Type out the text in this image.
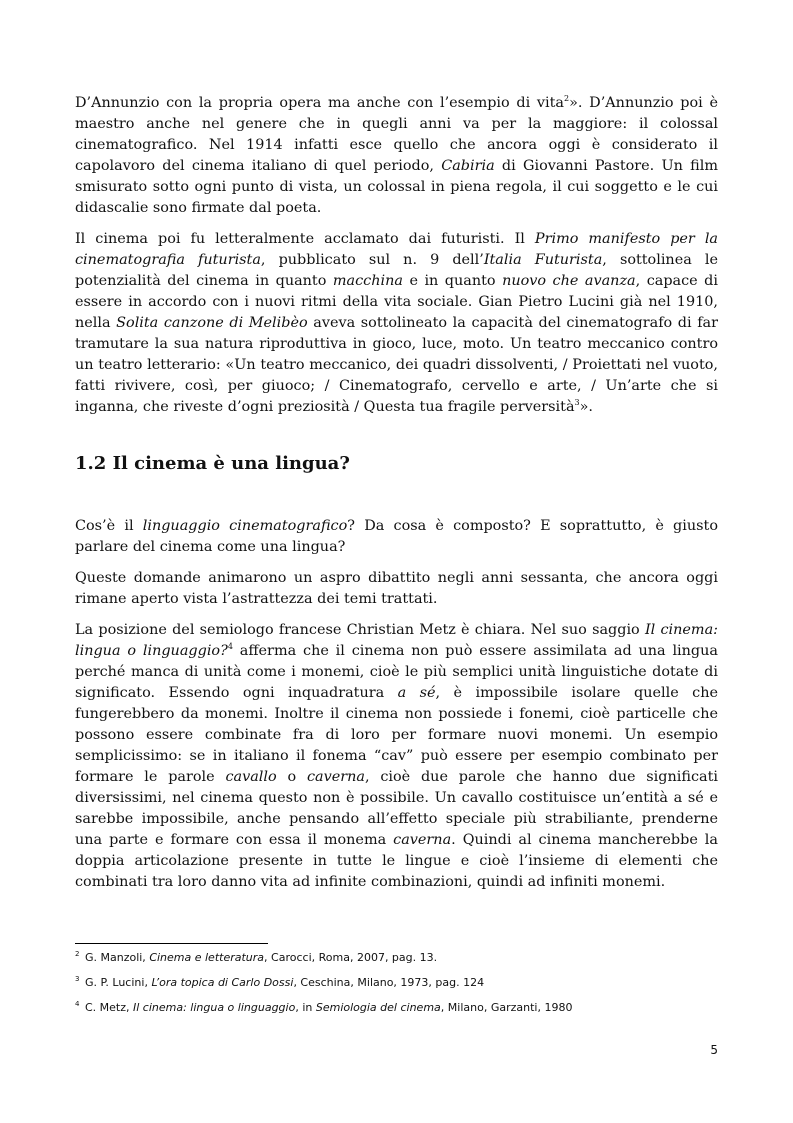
D’Annunzio con la propria opera ma anche con l’esempio di vita$^2$». D’Annunzio poi è maestro anche nel genere che in quegli anni va per la maggiore: il colossal cinematografico. Nel 1914 infatti esce quello che ancora oggi è considerato il capolavoro del cinema italiano di quel periodo, Cabiria di Giovanni Pastore. Un film smisurato sotto ogni punto di vista, un colossal in piena regola, il cui soggetto e le cui didascalie sono firmate dal poeta.

Il cinema poi fu letteralmente acclamato dai futuristi. Il Primo manifesto per la cinematografia futurista, pubblicato sul n. 9 dell’Italia Futurista, sottolinea le potenzialità del cinema in quanto macchina e in quanto nuovo che avanza, capace di essere in accordo con i nuovi ritmi della vita sociale. Gian Pietro Lucini già nel 1910, nella Solita canzone di Melibèo aveva sottolineato la capacità del cinematografo di far tramutare la sua natura riproduttiva in gioco, luce, moto. Un teatro meccanico contro un teatro letterario: «Un teatro meccanico, dei quadri dissolventi, / Proiettati nel vuoto, fatti rivivere, così, per giuoco; / Cinematografo, cervello e arte, / Un’arte che si inganna, che riveste d’ogni preziosità / Questa tua fragile perversità$^3$».

1.2 Il cinema è una lingua?

Cos’è il linguaggio cinematografico? Da cosa è composto? E soprattutto, è giusto parlare del cinema come una lingua?

Queste domande animarono un aspro dibattito negli anni sessanta, che ancora oggi rimane aperto vista l’astrattezza dei temi trattati.

La posizione del semiologo francese Christian Metz è chiara. Nel suo saggio Il cinema: lingua o linguaggio?$^4$ afferma che il cinema non può essere assimilata ad una lingua perché manca di unità come i monemi, cioè le più semplici unità linguistiche dotate di significato. Essendo ogni inquadratura a sé, è impossibile isolare quelle che fungerebbero da monemi. Inoltre il cinema non possiede i fonemi, cioè particelle che possono essere combinate fra di loro per formare nuovi monemi. Un esempio semplicissimo: se in italiano il fonema “cav” può essere per esempio combinato per formare le parole cavallo o caverna, cioè due parole che hanno due significati diversissimi, nel cinema questo non è possibile. Un cavallo costituisce un’entità a sé e sarebbe impossibile, anche pensando all’effetto speciale più strabiliante, prenderne una parte e formare con essa il monema caverna. Quindi al cinema mancherebbe la doppia articolazione presente in tutte le lingue e cioè l’insieme di elementi che combinati tra loro danno vita ad infinite combinazioni, quindi ad infiniti monemi.

$^2$ G. Manzoli, Cinema e letteratura, Carocci, Roma, 2007, pag. 13.
$^3$ G. P. Lucini, L’ora topica di Carlo Dossi, Ceschina, Milano, 1973, pag. 124
$^4$ C. Metz, Il cinema: lingua o linguaggio, in Semiologia del cinema, Milano, Garzanti, 1980
5
